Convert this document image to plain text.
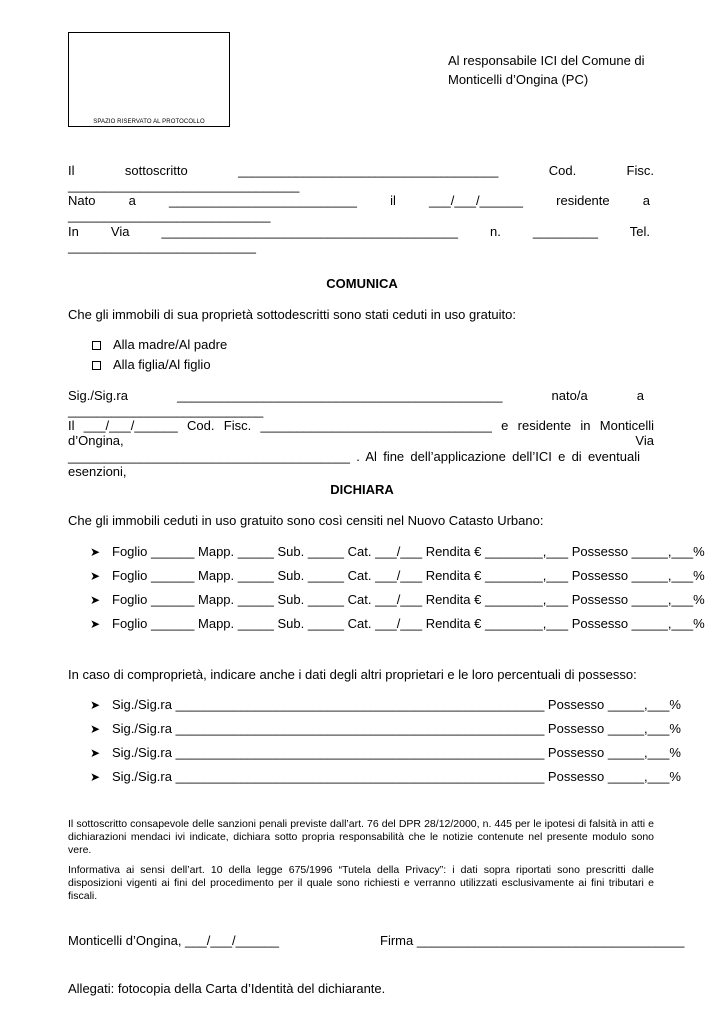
SPAZIO RISERVATO AL PROTOCOLLO
Al responsabile ICI del Comune di
Monticelli d’Ongina (PC)
Il sottoscritto ____________________________________ Cod. Fisc. ________________________________
Nato a __________________________ il ___/___/______ residente a ____________________________
In Via _________________________________________ n. _________ Tel. __________________________
COMUNICA
Che gli immobili di sua proprietà sottodescritti sono stati ceduti in uso gratuito:
Alla madre/Al padre
Alla figlia/Al figlio
Sig./Sig.ra _____________________________________________ nato/a a ___________________________
Il ___/___/______ Cod. Fisc. ________________________________ e residente in Monticelli d’Ongina, Via
_______________________________________ . Al fine dell’applicazione dell’ICI e di eventuali esenzioni,
DICHIARA
Che gli immobili ceduti in uso gratuito sono così censiti nel Nuovo Catasto Urbano:
➤ Foglio ______ Mapp. _____ Sub. _____ Cat. ___/___ Rendita € ________,___ Possesso _____,___%
➤ Foglio ______ Mapp. _____ Sub. _____ Cat. ___/___ Rendita € ________,___ Possesso _____,___%
➤ Foglio ______ Mapp. _____ Sub. _____ Cat. ___/___ Rendita € ________,___ Possesso _____,___%
➤ Foglio ______ Mapp. _____ Sub. _____ Cat. ___/___ Rendita € ________,___ Possesso _____,___%
In caso di comproprietà, indicare anche i dati degli altri proprietari e le loro percentuali di possesso:
➤ Sig./Sig.ra ___________________________________________________ Possesso _____,___%
➤ Sig./Sig.ra ___________________________________________________ Possesso _____,___%
➤ Sig./Sig.ra ___________________________________________________ Possesso _____,___%
➤ Sig./Sig.ra ___________________________________________________ Possesso _____,___%
Il sottoscritto consapevole delle sanzioni penali previste dall’art. 76 del DPR 28/12/2000, n. 445 per le ipotesi di falsità in atti e dichiarazioni mendaci ivi indicate, dichiara sotto propria responsabilità che le notizie contenute nel presente modulo sono vere.
Informativa ai sensi dell’art. 10 della legge 675/1996 “Tutela della Privacy”: i dati sopra riportati sono prescritti dalle disposizioni vigenti ai fini del procedimento per il quale sono richiesti e verranno utilizzati esclusivamente ai fini tributari e fiscali.
Monticelli d’Ongina, ___/___/______	Firma _____________________________________
Allegati: fotocopia della Carta d’Identità del dichiarante.
